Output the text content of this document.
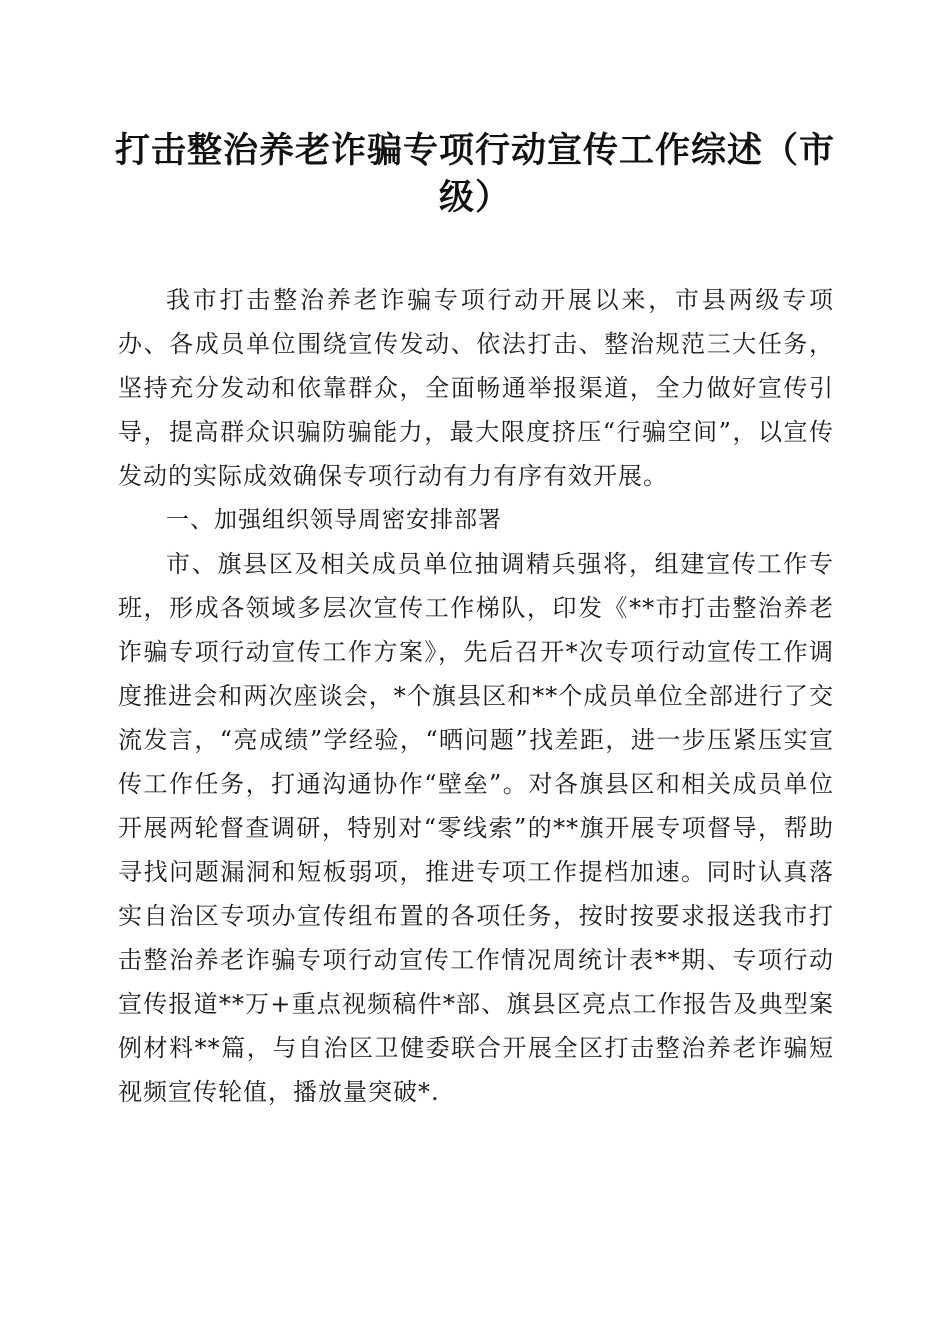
打击整治养老诈骗专项行动宣传工作综述（市级）

我市打击整治养老诈骗专项行动开展以来，市县两级专项办、各成员单位围绕宣传发动、依法打击、整治规范三大任务，坚持充分发动和依靠群众，全面畅通举报渠道，全力做好宣传引导，提高群众识骗防骗能力，最大限度挤压“行骗空间”，以宣传发动的实际成效确保专项行动有力有序有效开展。

一、加强组织领导周密安排部署

市、旗县区及相关成员单位抽调精兵强将，组建宣传工作专班，形成各领域多层次宣传工作梯队，印发《**市打击整治养老诈骗专项行动宣传工作方案》，先后召开*次专项行动宣传工作调度推进会和两次座谈会，*个旗县区和**个成员单位全部进行了交流发言，“亮成绩”学经验，“晒问题”找差距，进一步压紧压实宣传工作任务，打通沟通协作“壁垒”。对各旗县区和相关成员单位开展两轮督查调研，特别对“零线索”的**旗开展专项督导，帮助寻找问题漏洞和短板弱项，推进专项工作提档加速。同时认真落实自治区专项办宣传组布置的各项任务，按时按要求报送我市打击整治养老诈骗专项行动宣传工作情况周统计表**期、专项行动宣传报道**万+重点视频稿件*部、旗县区亮点工作报告及典型案例材料**篇，与自治区卫健委联合开展全区打击整治养老诈骗短视频宣传轮值，播放量突破*.
